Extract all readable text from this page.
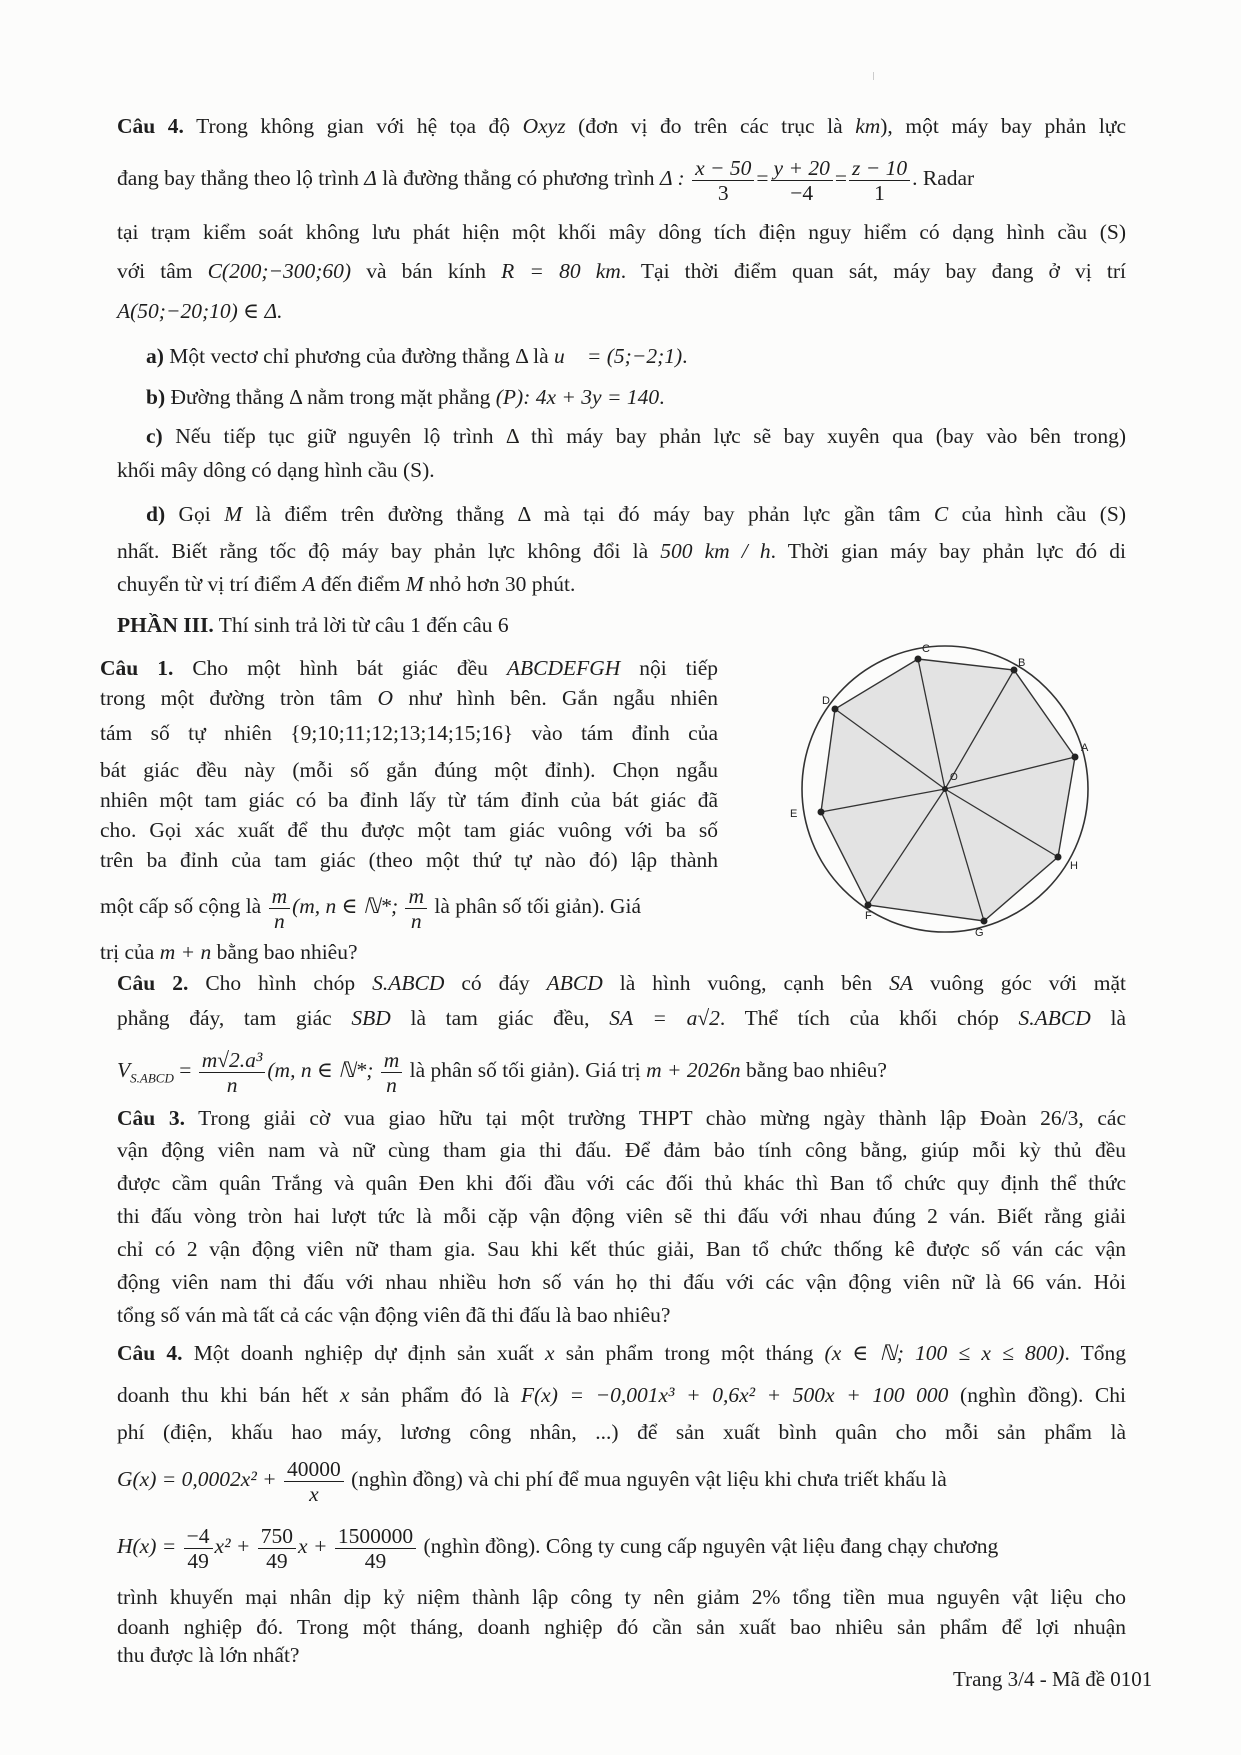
Câu 4. Trong không gian với hệ tọa độ Oxyz (đơn vị đo trên các trục là km), một máy bay phản lực
đang bay thẳng theo lộ trình Δ là đường thẳng có phương trình Δ : $\frac{x - 50}{3} = \frac{y + 20}{-4} = \frac{z - 10}{1}$ . Radar
tại trạm kiểm soát không lưu phát hiện một khối mây dông tích điện nguy hiểm có dạng hình cầu (S)
với tâm C(200;−300;60) và bán kính R = 80 km. Tại thời điểm quan sát, máy bay đang ở vị trí
A(50;−20;10) ∈ Δ.
a) Một vectơ chỉ phương của đường thẳng Δ là u⃗ = (5;−2;1).
b) Đường thẳng Δ nằm trong mặt phẳng (P): 4x + 3y = 140.
c) Nếu tiếp tục giữ nguyên lộ trình Δ thì máy bay phản lực sẽ bay xuyên qua (bay vào bên trong)
khối mây dông có dạng hình cầu (S).
d) Gọi M là điểm trên đường thẳng Δ mà tại đó máy bay phản lực gần tâm C của hình cầu (S)
nhất. Biết rằng tốc độ máy bay phản lực không đổi là 500 km / h. Thời gian máy bay phản lực đó di
chuyển từ vị trí điểm A đến điểm M nhỏ hơn 30 phút.
PHẦN III. Thí sinh trả lời từ câu 1 đến câu 6
Câu 1. Cho một hình bát giác đều ABCDEFGH nội tiếp
trong một đường tròn tâm O như hình bên. Gắn ngẫu nhiên
tám số tự nhiên {9;10;11;12;13;14;15;16} vào tám đỉnh của
bát giác đều này (mỗi số gắn đúng một đỉnh). Chọn ngẫu
nhiên một tam giác có ba đỉnh lấy từ tám đỉnh của bát giác đã
cho. Gọi xác xuất để thu được một tam giác vuông với ba số
trên ba đỉnh của tam giác (theo một thứ tự nào đó) lập thành
một cấp số cộng là $\frac{m}{n} (m$, n ∈ ℕ*; $\frac{m}{n}$ là phân số tối giản). Giá
trị của m + n bằng bao nhiêu?
A
B
C
D
E
F
G
H
O
Câu 2. Cho hình chóp S.ABCD có đáy ABCD là hình vuông, cạnh bên SA vuông góc với mặt
phẳng đáy, tam giác SBD là tam giác đều, SA = a√2. Thể tích của khối chóp S.ABCD là
$V_{S.ABCD} = \frac{\text{m√2.a³}}{n} (m$, n ∈ ℕ*; $\frac{m}{n}$ là phân số tối giản). Giá trị m + 2026n bằng bao nhiêu?
Câu 3. Trong giải cờ vua giao hữu tại một trường THPT chào mừng ngày thành lập Đoàn 26/3, các
vận động viên nam và nữ cùng tham gia thi đấu. Để đảm bảo tính công bằng, giúp mỗi kỳ thủ đều
được cầm quân Trắng và quân Đen khi đối đầu với các đối thủ khác thì Ban tổ chức quy định thể thức
thi đấu vòng tròn hai lượt tức là mỗi cặp vận động viên sẽ thi đấu với nhau đúng 2 ván. Biết rằng giải
chỉ có 2 vận động viên nữ tham gia. Sau khi kết thúc giải, Ban tổ chức thống kê được số ván các vận
động viên nam thi đấu với nhau nhiều hơn số ván họ thi đấu với các vận động viên nữ là 66 ván. Hỏi
tổng số ván mà tất cả các vận động viên đã thi đấu là bao nhiêu?
Câu 4. Một doanh nghiệp dự định sản xuất x sản phẩm trong một tháng (x ∈ ℕ; 100 ≤ x ≤ 800). Tổng
doanh thu khi bán hết x sản phẩm đó là F(x) = −0,001x³ + 0,6x² + 500x + 100 000 (nghìn đồng). Chi
phí (điện, khấu hao máy, lương công nhân, ...) để sản xuất bình quân cho mỗi sản phẩm là
$G(x) = 0,0002x^2 + \frac{40000}{x}$ (nghìn đồng) và chi phí để mua nguyên vật liệu khi chưa triết khấu là
$H(x) = \frac{-4}{49} x^2 + \frac{750}{49}$ $x + \frac{1500000}{49}$ (nghìn đồng). Công ty cung cấp nguyên vật liệu đang chạy chương
trình khuyến mại nhân dịp kỷ niệm thành lập công ty nên giảm 2% tổng tiền mua nguyên vật liệu cho
doanh nghiệp đó. Trong một tháng, doanh nghiệp đó cần sản xuất bao nhiêu sản phẩm để lợi nhuận
thu được là lớn nhất?
Trang 3/4 - Mã đề 0101
